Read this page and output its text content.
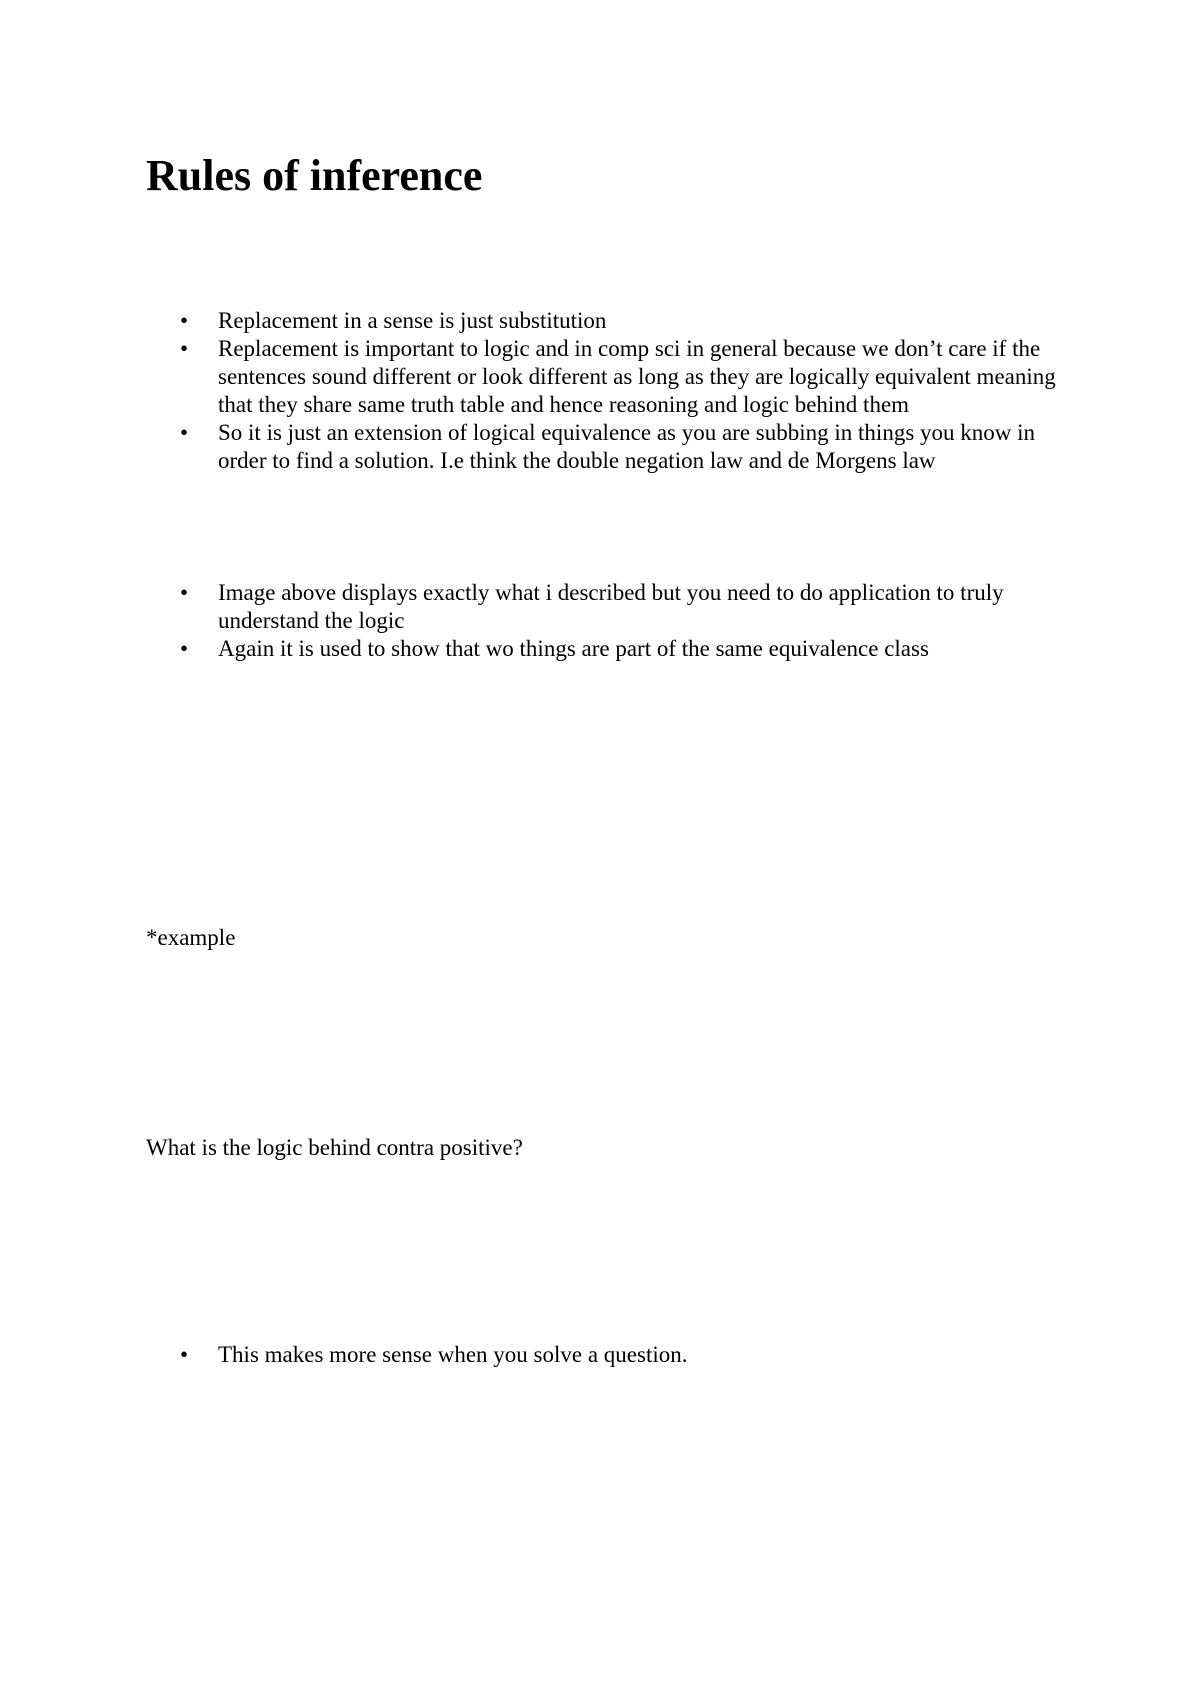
Rules of inference
•	Replacement in a sense is just substitution
•	Replacement is important to logic and in comp sci in general because we don’t care if the sentences sound different or look different as long as they are logically equivalent meaning that they share same truth table and hence reasoning and logic behind them
•	So it is just an extension of logical equivalence as you are subbing in things you know in order to find a solution. I.e think the double negation law and de Morgens law
•	Image above displays exactly what i described but you need to do application to truly understand the logic
•	Again it is used to show that wo things are part of the same equivalence class

*example

What is the logic behind contra positive?

•	This makes more sense when you solve a question.
